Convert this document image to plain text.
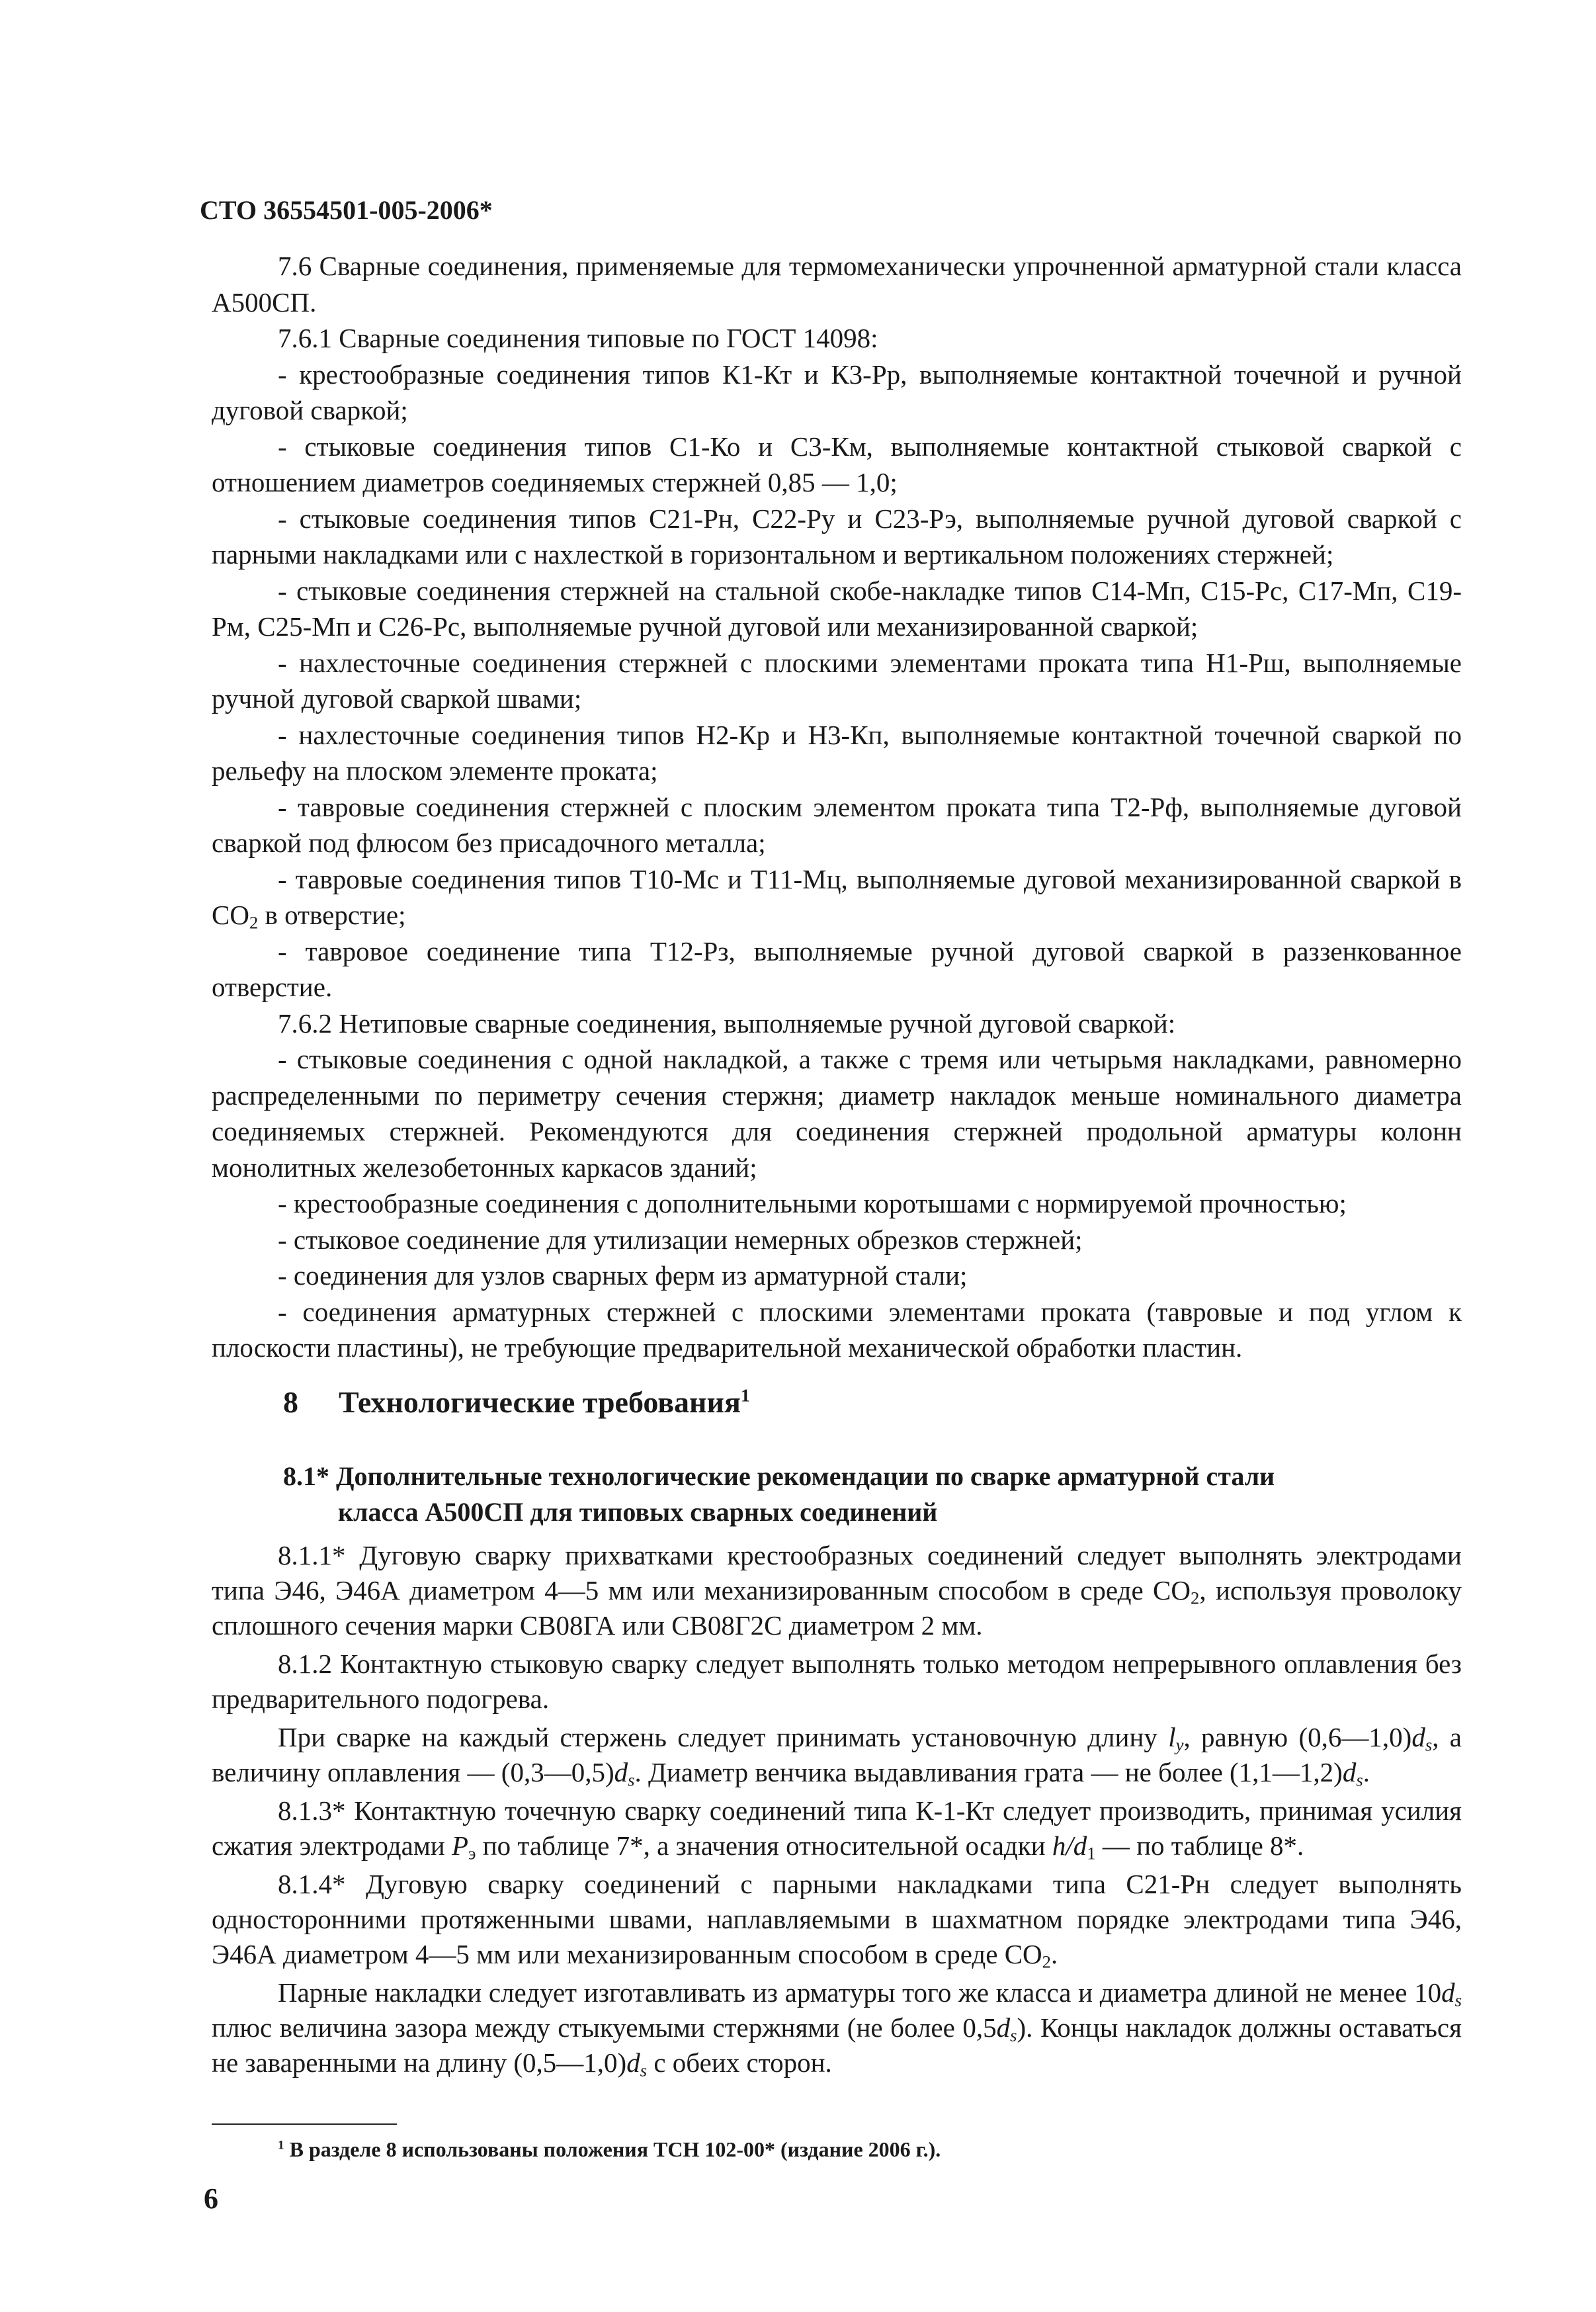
СТО 36554501-005-2006*

7.6 Сварные соединения, применяемые для термомеханически упрочненной арматурной стали класса А500СП.

7.6.1 Сварные соединения типовые по ГОСТ 14098:

- крестообразные соединения типов К1-Кт и К3-Рр, выполняемые контактной точечной и ручной дуговой сваркой;

- стыковые соединения типов С1-Ко и С3-Км, выполняемые контактной стыковой сваркой с отношением диаметров соединяемых стержней 0,85 — 1,0;

- стыковые соединения типов С21-Рн, С22-Ру и С23-Рэ, выполняемые ручной дуговой сваркой с парными накладками или с нахлесткой в горизонтальном и вертикальном положениях стержней;

- стыковые соединения стержней на стальной скобе-накладке типов С14-Мп, С15-Рс, С17-Мп, С19-Рм, С25-Мп и С26-Рс, выполняемые ручной дуговой или механизированной сваркой;

- нахлесточные соединения стержней с плоскими элементами проката типа Н1-Рш, выполняемые ручной дуговой сваркой швами;

- нахлесточные соединения типов Н2-Кр и Н3-Кп, выполняемые контактной точечной сваркой по рельефу на плоском элементе проката;

- тавровые соединения стержней с плоским элементом проката типа Т2-Рф, выполняемые дуговой сваркой под флюсом без присадочного металла;

- тавровые соединения типов Т10-Мс и Т11-Мц, выполняемые дуговой механизированной сваркой в $СО_2$ в отверстие;

- тавровое соединение типа Т12-Рз, выполняемые ручной дуговой сваркой в раззенкованное отверстие.

7.6.2 Нетиповые сварные соединения, выполняемые ручной дуговой сваркой:

- стыковые соединения с одной накладкой, а также с тремя или четырьмя накладками, равномерно распределенными по периметру сечения стержня; диаметр накладок меньше номинального диаметра соединяемых стержней. Рекомендуются для соединения стержней продольной арматуры колонн монолитных железобетонных каркасов зданий;

- крестообразные соединения с дополнительными коротышами с нормируемой прочностью;

- стыковое соединение для утилизации немерных обрезков стержней;

- соединения для узлов сварных ферм из арматурной стали;

- соединения арматурных стержней с плоскими элементами проката (тавровые и под углом к плоскости пластины), не требующие предварительной механической обработки пластин.

8 Технологические требования$^1$
8.1* Дополнительные технологические рекомендации по сварке арматурной стали
класса А500СП для типовых сварных соединений

8.1.1* Дуговую сварку прихватками крестообразных соединений следует выполнять электродами типа Э46, Э46А диаметром 4—5 мм или механизированным способом в среде $СО_2$, используя проволоку сплошного сечения марки СВ08ГА или СВ08Г2С диаметром 2 мм.

8.1.2 Контактную стыковую сварку следует выполнять только методом непрерывного оплавления без предварительного подогрева.

При сварке на каждый стержень следует принимать установочную длину $l_y$, равную $(0,6—1,0)d_s$, а величину оплавления — $(0,3—0,5)d_s$. Диаметр венчика выдавливания грата — не более $(1,1—1,2)d_s$.

8.1.3* Контактную точечную сварку соединений типа К-1-Кт следует производить, принимая усилия сжатия электродами $P_э$ по таблице 7*, а значения относительной осадки $h/d_1$ — по таблице 8*.

8.1.4* Дуговую сварку соединений с парными накладками типа С21-Рн следует выполнять односторонними протяженными швами, наплавляемыми в шахматном порядке электродами типа Э46, Э46А диаметром 4—5 мм или механизированным способом в среде $СО_2$.

Парные накладки следует изготавливать из арматуры того же класса и диаметра длиной не менее $10d_s$ плюс величина зазора между стыкуемыми стержнями (не более $0,5d_s$). Концы накладок должны оставаться не заваренными на длину $(0,5—1,0)d_s$ с обеих сторон.

$^1$ В разделе 8 использованы положения ТСН 102-00* (издание 2006 г.).
6
